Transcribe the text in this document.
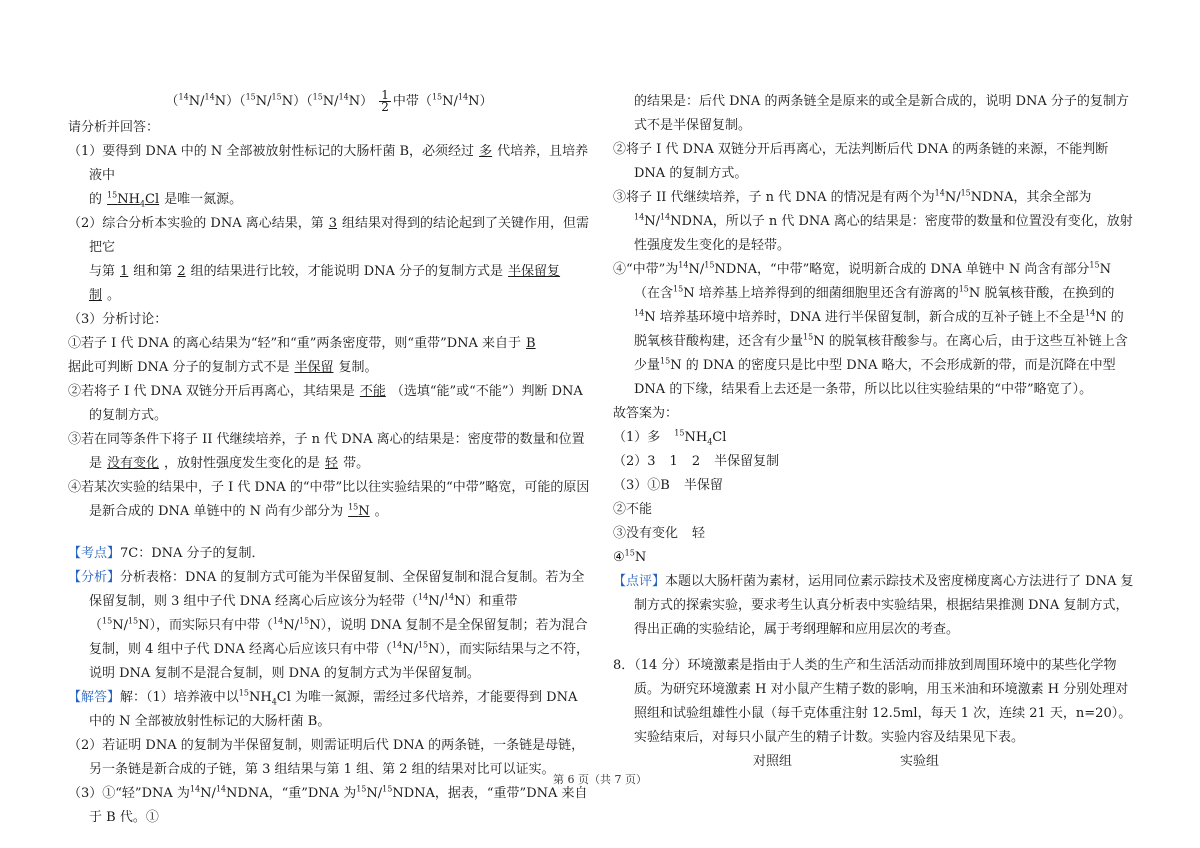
$(^{14}N/^{14}N)(^{15}N/^{15}N)(^{15}N/^{14}N) \frac{1}{2}$ 中带（$^{15}$N/$^{14}$N）

请分析并回答：

（1）要得到 DNA 中的 N 全部被放射性标记的大肠杆菌 B，必须经过 多 代培养，且培养液中
的 $^{15}NH_4Cl$ 是唯一氮源。

（2）综合分析本实验的 DNA 离心结果，第 3 组结果对得到的结论起到了关键作用，但需把它
与第 1 组和第 2 组的结果进行比较，才能说明 DNA 分子的复制方式是 半保留复制 。

（3）分析讨论：

①若子 I 代 DNA 的离心结果为“轻”和“重”两条密度带，则“重带”DNA 来自于 B
据此可判断 DNA 分子的复制方式不是 半保留 复制。

②若将子 I 代 DNA 双链分开后再离心，其结果是 不能 （选填“能”或“不能”）判断 DNA 的复制方式。

③若在同等条件下将子 II 代继续培养，子 n 代 DNA 离心的结果是：密度带的数量和位置是 没有变化 ，放射性强度发生变化的是 轻 带。

④若某次实验的结果中，子 I 代 DNA 的“中带”比以往实验结果的“中带”略宽，可能的原因是新合成的 DNA 单链中的 N 尚有少部分为 $^{15}$N 。

【考点】7C：DNA 分子的复制．

【分析】分析表格：DNA 的复制方式可能为半保留复制、全保留复制和混合复制。若为全保留复制，则 3 组中子代 DNA 经离心后应该分为轻带（$^{14}$N/$^{14}$N）和重带（$^{15}$N/$^{15}$N），而实际只有中带（$^{14}$N/$^{15}$N），说明 DNA 复制不是全保留复制；若为混合复制，则 4 组中子代 DNA 经离心后应该只有中带（$^{14}$N/$^{15}$N），而实际结果与之不符，说明 DNA 复制不是混合复制，则 DNA 的复制方式为半保留复制。

【解答】解：（1）培养液中以$^{15}NH_4Cl$ 为唯一氮源，需经过多代培养，才能要得到 DNA 中的 N 全部被放射性标记的大肠杆菌 B。

（2）若证明 DNA 的复制为半保留复制，则需证明后代 DNA 的两条链，一条链是母链，另一条链是新合成的子链，第 3 组结果与第 1 组、第 2 组的结果对比可以证实。

（3）①“轻”DNA 为$^{14}$N/$^{14}$NDNA，“重”DNA 为$^{15}$N/$^{15}$NDNA，据表，“重带”DNA 来自于 B 代。①

的结果是：后代 DNA 的两条链全是原来的或全是新合成的，说明 DNA 分子的复制方式不是半保留复制。

②将子 I 代 DNA 双链分开后再离心，无法判断后代 DNA 的两条链的来源，不能判断 DNA 的复制方式。

③将子 II 代继续培养，子 n 代 DNA 的情况是有两个为$^{14}$N/$^{15}$NDNA，其余全部为$^{14}$N/$^{14}$NDNA，所以子 n 代 DNA 离心的结果是：密度带的数量和位置没有变化，放射性强度发生变化的是轻带。

④“中带”为$^{14}$N/$^{15}$NDNA，“中带”略宽，说明新合成的 DNA 单链中 N 尚含有部分$^{15}$N（在含$^{15}$N 培养基上培养得到的细菌细胞里还含有游离的$^{15}$N 脱氧核苷酸，在换到的$^{14}$N 培养基环境中培养时，DNA 进行半保留复制，新合成的互补子链上不全是$^{14}$N 的脱氧核苷酸构建，还含有少量$^{15}$N 的脱氧核苷酸参与。在离心后，由于这些互补链上含少量$^{15}$N 的 DNA 的密度只是比中型 DNA 略大，不会形成新的带，而是沉降在中型 DNA 的下缘，结果看上去还是一条带，所以比以往实验结果的“中带”略宽了）。

故答案为：

（1）多 $^{15}NH_4Cl$

（2）3 1 2 半保留复制

（3）①B 半保留

②不能

③没有变化 轻

④$^{15}$N

【点评】本题以大肠杆菌为素材，运用同位素示踪技术及密度梯度离心方法进行了 DNA 复制方式的探索实验，要求考生认真分析表中实验结果，根据结果推测 DNA 复制方式，得出正确的实验结论，属于考纲理解和应用层次的考查。

8．（14 分）环境激素是指由于人类的生产和生活活动而排放到周围环境中的某些化学物质。为研究环境激素 H 对小鼠产生精子数的影响，用玉米油和环境激素 H 分别处理对照组和试验组雄性小鼠（每千克体重注射 12.5ml，每天 1 次，连续 21 天，n=20）。实验结束后，对每只小鼠产生的精子计数。实验内容及结果见下表。

对照组	实验组

第 6 页（共 7 页）
